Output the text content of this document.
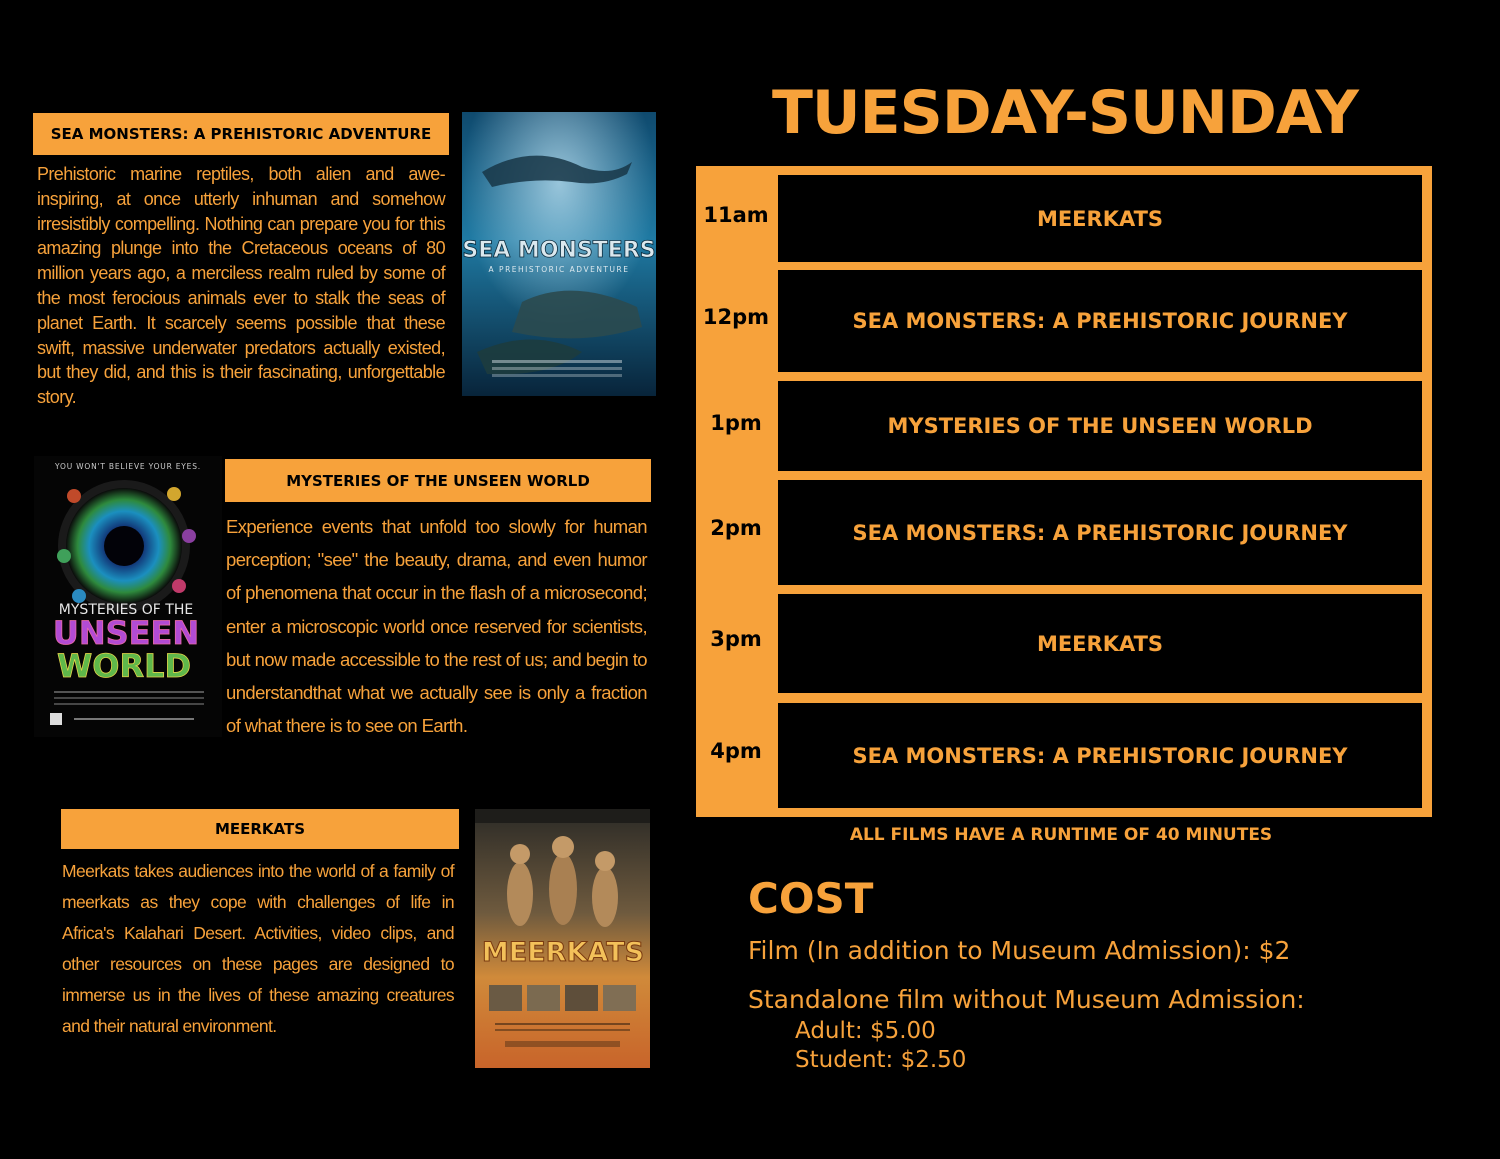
SEA MONSTERS: A PREHISTORIC ADVENTURE

Prehistoric marine reptiles, both alien and awe-inspiring, at once utterly inhuman and somehow irresistibly compelling. Nothing can prepare you for this amazing plunge into the Cretaceous oceans of 80 million years ago, a merciless realm ruled by some of the most ferocious animals ever to stalk the seas of planet Earth. It scarcely seems possible that these swift, massive underwater predators actually existed, but they did, and this is their fascinating, unforgettable story.

SEA MONSTERS
A PREHISTORIC ADVENTURE
YOU WON'T BELIEVE YOUR EYES.
MYSTERIES OF THE
UNSEEN
WORLD
MYSTERIES OF THE UNSEEN WORLD

Experience events that unfold too slowly for human perception; "see" the beauty, drama, and even humor of phenomena that occur in the flash of a microsecond; enter a microscopic world once reserved for scientists, but now made accessible to the rest of us; and begin to understandthat what we actually see is only a fraction of what there is to see on Earth.

MEERKATS

Meerkats takes audiences into the world of a family of meerkats as they cope with challenges of life in Africa's Kalahari Desert. Activities, video clips, and other resources on these pages are designed to immerse us in the lives of these amazing creatures and their natural environment.

MEERKATS
TUESDAY-SUNDAY
11am	MEERKATS
12pm	SEA MONSTERS: A PREHISTORIC JOURNEY
1pm	MYSTERIES OF THE UNSEEN WORLD
2pm	SEA MONSTERS: A PREHISTORIC JOURNEY
3pm	MEERKATS
4pm	SEA MONSTERS: A PREHISTORIC JOURNEY
ALL FILMS HAVE A RUNTIME OF 40 MINUTES
COST
Film (In addition to Museum Admission): $2
Standalone film without Museum Admission:
Adult: $5.00
Student: $2.50
